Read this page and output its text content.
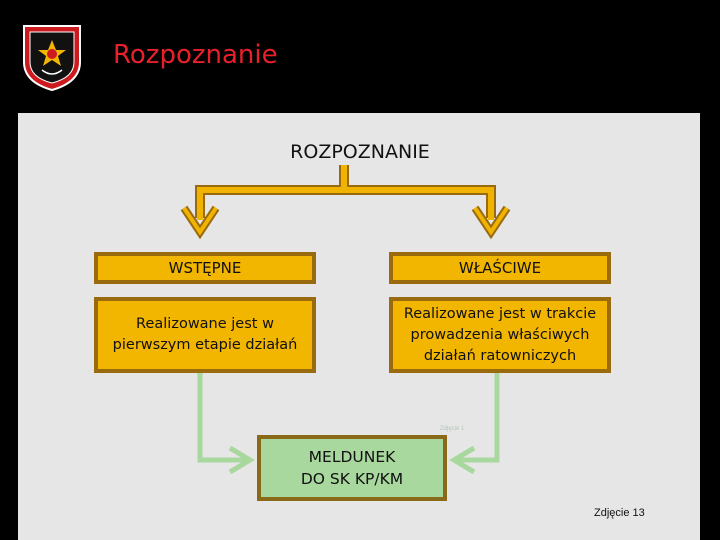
Rozpoznanie
ROZPOZNANIE
WSTĘPNE	WŁAŚCIWE
Realizowane jest w pierwszym etapie działań
Realizowane jest w trakcie prowadzenia właściwych działań ratowniczych
MELDUNEK
DO SK KP/KM
Zdjęcie 1
Zdjęcie 13
